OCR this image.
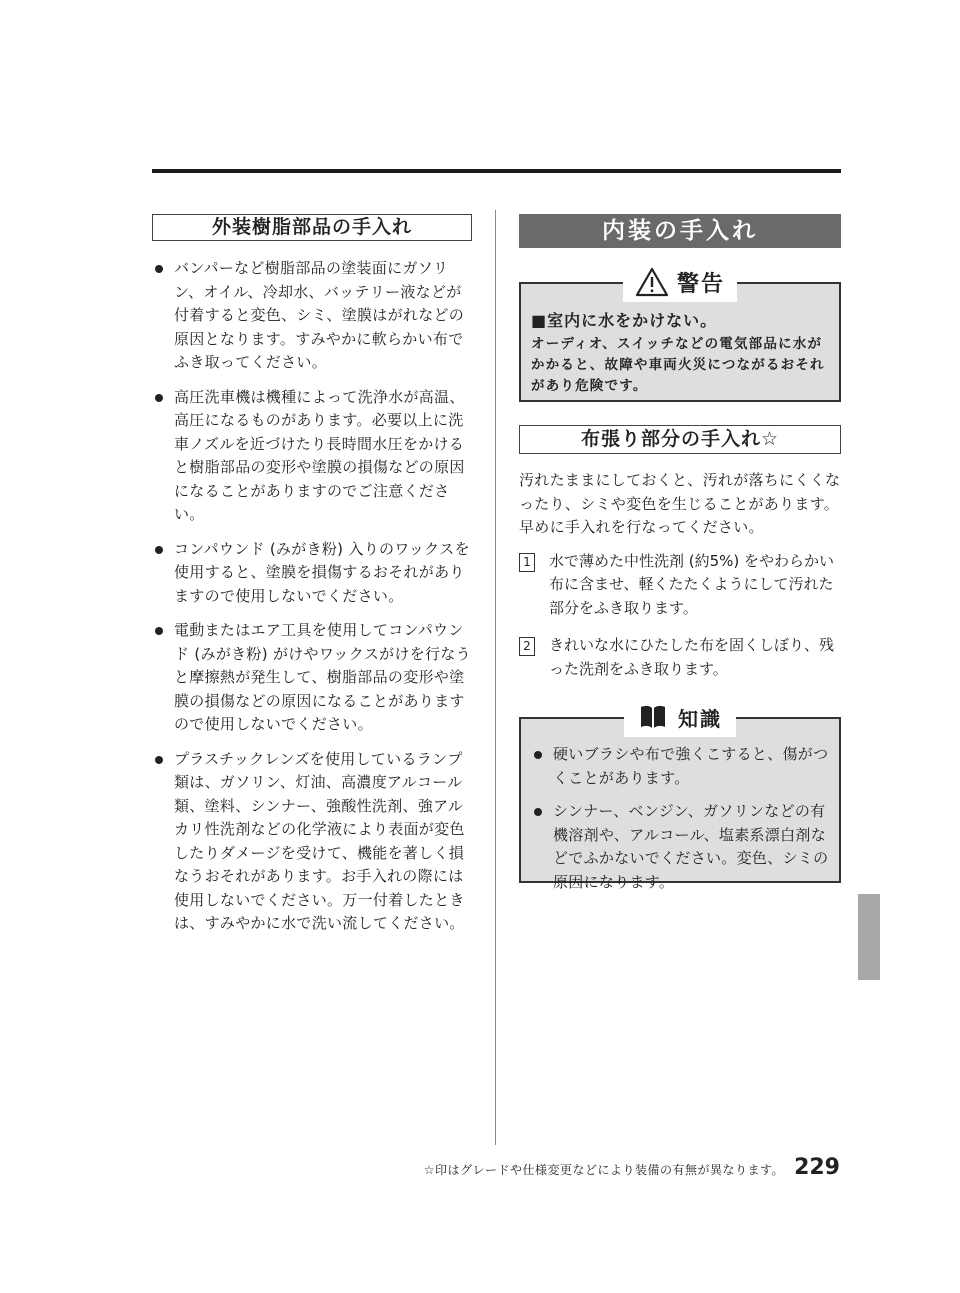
外装樹脂部品の手入れ
バンパーなど樹脂部品の塗装面にガソリン、オイル、冷却水、バッテリー液などが付着すると変色、シミ、塗膜はがれなどの原因となります。すみやかに軟らかい布でふき取ってください。
高圧洗車機は機種によって洗浄水が高温、高圧になるものがあります。必要以上に洗車ノズルを近づけたり長時間水圧をかけると樹脂部品の変形や塗膜の損傷などの原因になることがありますのでご注意ください。
コンパウンド (みがき粉) 入りのワックスを使用すると、塗膜を損傷するおそれがありますので使用しないでください。
電動またはエア工具を使用してコンパウンド (みがき粉) がけやワックスがけを行なうと摩擦熱が発生して、樹脂部品の変形や塗膜の損傷などの原因になることがありますので使用しないでください。
プラスチックレンズを使用しているランプ類は、ガソリン、灯油、高濃度アルコール類、塗料、シンナー、強酸性洗剤、強アルカリ性洗剤などの化学液により表面が変色したりダメージを受けて、機能を著しく損なうおそれがあります。お手入れの際には使用しないでください。万一付着したときは、すみやかに水で洗い流してください。
内装の手入れ
警告
■室内に水をかけない。
オーディオ、スイッチなどの電気部品に水がかかると、故障や車両火災につながるおそれがあり危険です。
布張り部分の手入れ☆
汚れたままにしておくと、汚れが落ちにくくなったり、シミや変色を生じることがあります。早めに手入れを行なってください。
1 水で薄めた中性洗剤 (約5%) をやわらかい布に含ませ、軽くたたくようにして汚れた部分をふき取ります。
2 きれいな水にひたした布を固くしぼり、残った洗剤をふき取ります。
知識
硬いブラシや布で強くこすると、傷がつくことがあります。
シンナー、ベンジン、ガソリンなどの有機溶剤や、アルコール、塩素系漂白剤などでふかないでください。変色、シミの原因になります。
☆印はグレードや仕様変更などにより装備の有無が異なります。 229
